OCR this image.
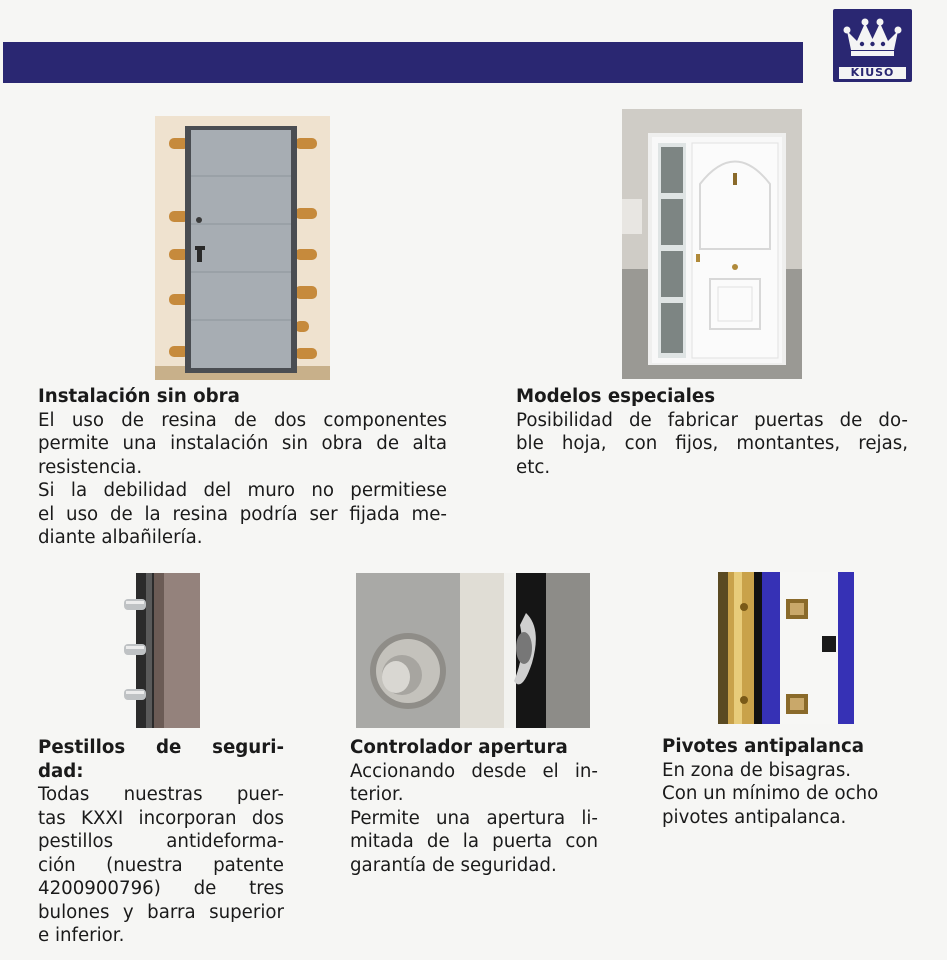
KIUSO
Instalación sin obra
El uso de resina de dos componentes
permite una instalación sin obra de alta
resistencia.
Si la debilidad del muro no permitiese
el uso de la resina podría ser fijada me-
diante albañilería.
Modelos especiales
Posibilidad de fabricar puertas de do-
ble hoja, con fijos, montantes, rejas,
etc.
Pestillos de seguri-
dad:
Todas nuestras puer-
tas KXXI incorporan dos
pestillos antideforma-
ción (nuestra patente
4200900796) de tres
bulones y barra superior
e inferior.
Controlador apertura
Accionando desde el in-
terior.
Permite una apertura li-
mitada de la puerta con
garantía de seguridad.
Pivotes antipalanca
En zona de bisagras.
Con un mínimo de ocho
pivotes antipalanca.
